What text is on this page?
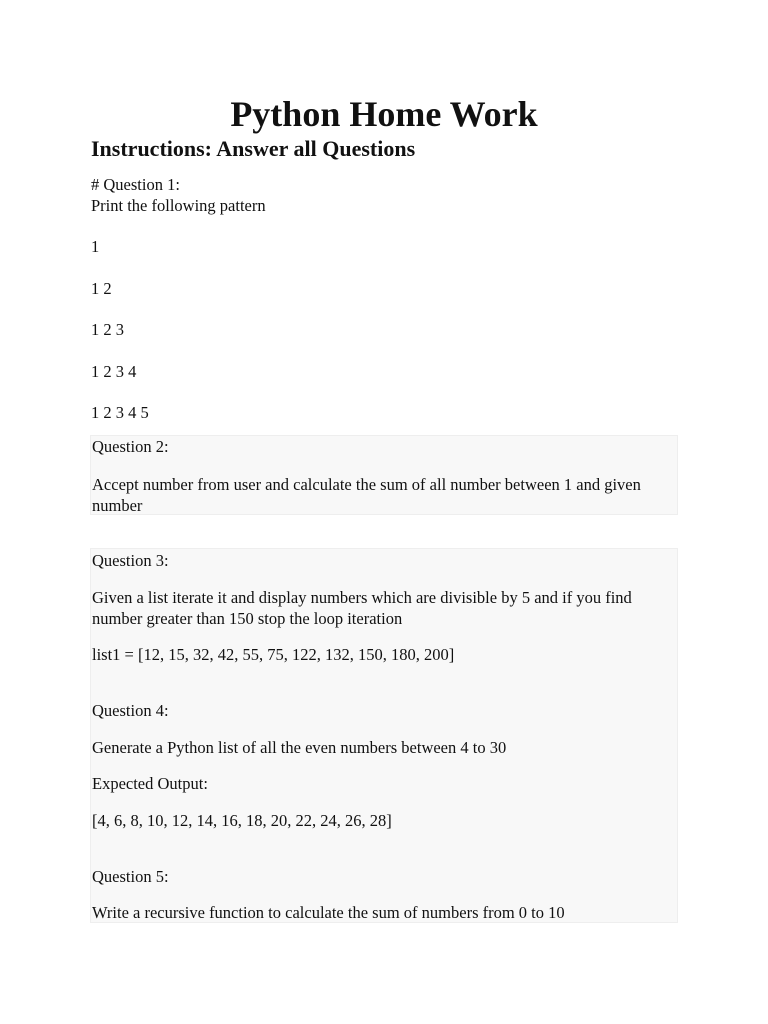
Python Home Work
Instructions: Answer all Questions
# Question 1:
Print the following pattern
1
1 2
1 2 3
1 2 3 4
1 2 3 4 5
Question 2:
Accept number from user and calculate the sum of all number between 1 and given number
Question 3:
Given a list iterate it and display numbers which are divisible by 5 and if you find number greater than 150 stop the loop iteration
list1 = [12, 15, 32, 42, 55, 75, 122, 132, 150, 180, 200]
Question 4:
Generate a Python list of all the even numbers between 4 to 30
Expected Output:
[4, 6, 8, 10, 12, 14, 16, 18, 20, 22, 24, 26, 28]
Question 5:
Write a recursive function to calculate the sum of numbers from 0 to 10
